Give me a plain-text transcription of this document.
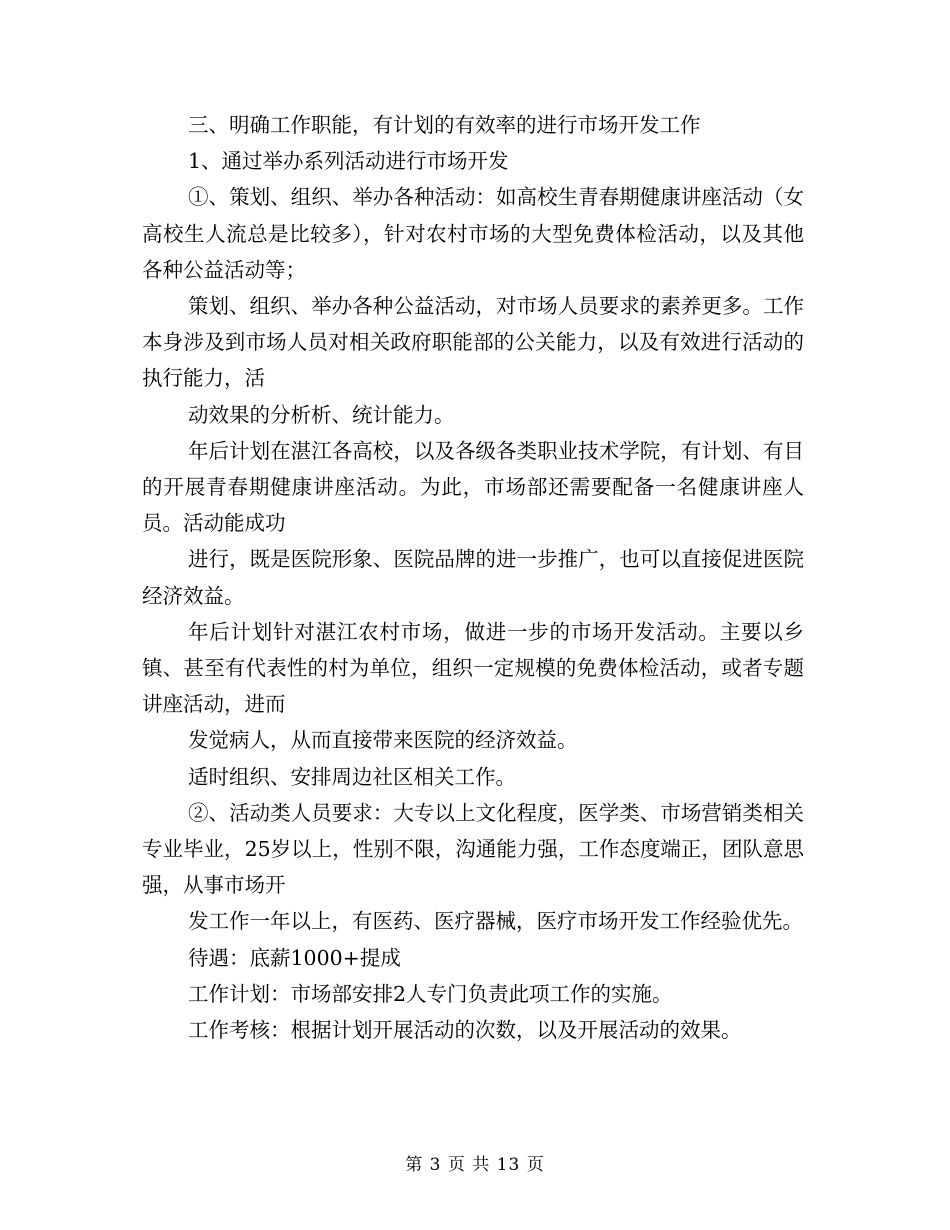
三、明确工作职能，有计划的有效率的进行市场开发工作

1、通过举办系列活动进行市场开发

①、策划、组织、举办各种活动：如高校生青春期健康讲座活动（女高校生人流总是比较多），针对农村市场的大型免费体检活动，以及其他各种公益活动等；

策划、组织、举办各种公益活动，对市场人员要求的素养更多。工作本身涉及到市场人员对相关政府职能部的公关能力，以及有效进行活动的执行能力，活

动效果的分析析、统计能力。

年后计划在湛江各高校，以及各级各类职业技术学院，有计划、有目的开展青春期健康讲座活动。为此，市场部还需要配备一名健康讲座人员。活动能成功

进行，既是医院形象、医院品牌的进一步推广，也可以直接促进医院经济效益。

年后计划针对湛江农村市场，做进一步的市场开发活动。主要以乡镇、甚至有代表性的村为单位，组织一定规模的免费体检活动，或者专题讲座活动，进而

发觉病人，从而直接带来医院的经济效益。

适时组织、安排周边社区相关工作。

②、活动类人员要求：大专以上文化程度，医学类、市场营销类相关专业毕业，25岁以上，性别不限，沟通能力强，工作态度端正，团队意思强，从事市场开

发工作一年以上，有医药、医疗器械，医疗市场开发工作经验优先。

待遇：底薪1000+提成

工作计划：市场部安排2人专门负责此项工作的实施。

工作考核：根据计划开展活动的次数，以及开展活动的效果。

第 3 页 共 13 页
